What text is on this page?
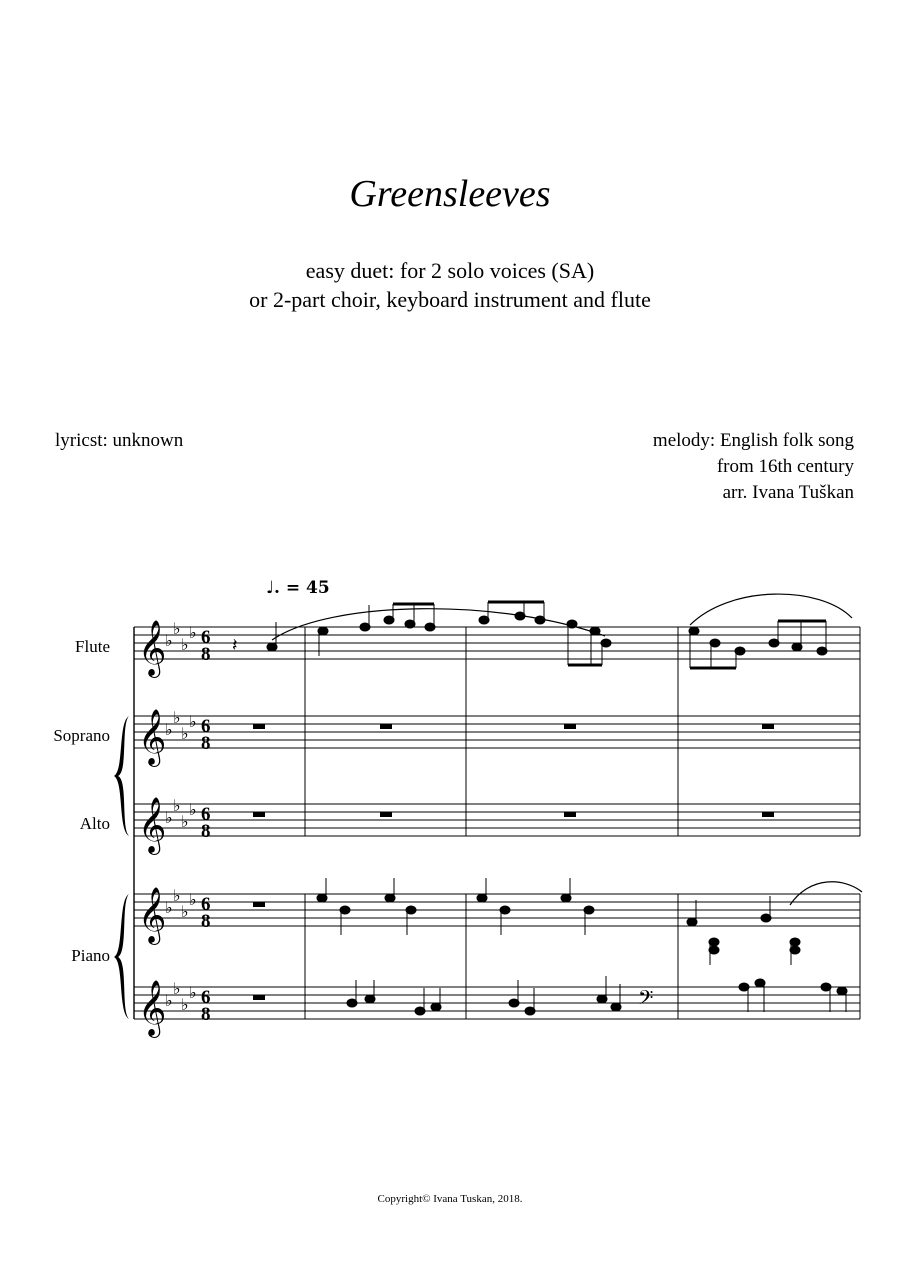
Greensleeves
easy duet: for 2 solo voices (SA)
or 2-part choir, keyboard instrument and flute
lyricst: unknown	melody: English folk song
from 16th century
arr. Ivana Tuškan
♩. = 45
Flute
Soprano
Alto
Piano
𝄞
𝄞
𝄞
𝄞
𝄞
♭
♭
♭
♭
♭
♭
♭
♭
♭
♭
♭
♭
♭
♭
♭
♭
♭
♭
♭
♭
6
8
6
8
6
8
6
8
6
8
𝄽
𝄢
Copyright© Ivana Tuskan, 2018.
